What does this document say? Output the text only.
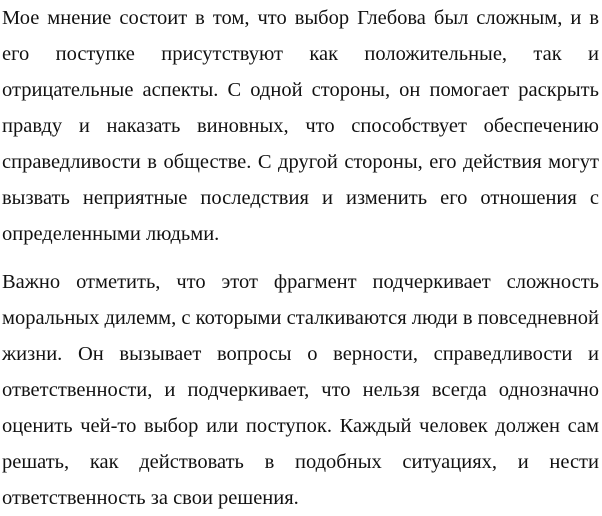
Мое мнение состоит в том, что выбор Глебова был сложным, и в его поступке присутствуют как положительные, так и отрицательные аспекты. С одной стороны, он помогает раскрыть правду и наказать виновных, что способствует обеспечению справедливости в обществе. С другой стороны, его действия могут вызвать неприятные последствия и изменить его отношения с определенными людьми.

Важно отметить, что этот фрагмент подчеркивает сложность моральных дилемм, с которыми сталкиваются люди в повседневной жизни. Он вызывает вопросы о верности, справедливости и ответственности, и подчеркивает, что нельзя всегда однозначно оценить чей-то выбор или поступок. Каждый человек должен сам решать, как действовать в подобных ситуациях, и нести ответственность за свои решения.
